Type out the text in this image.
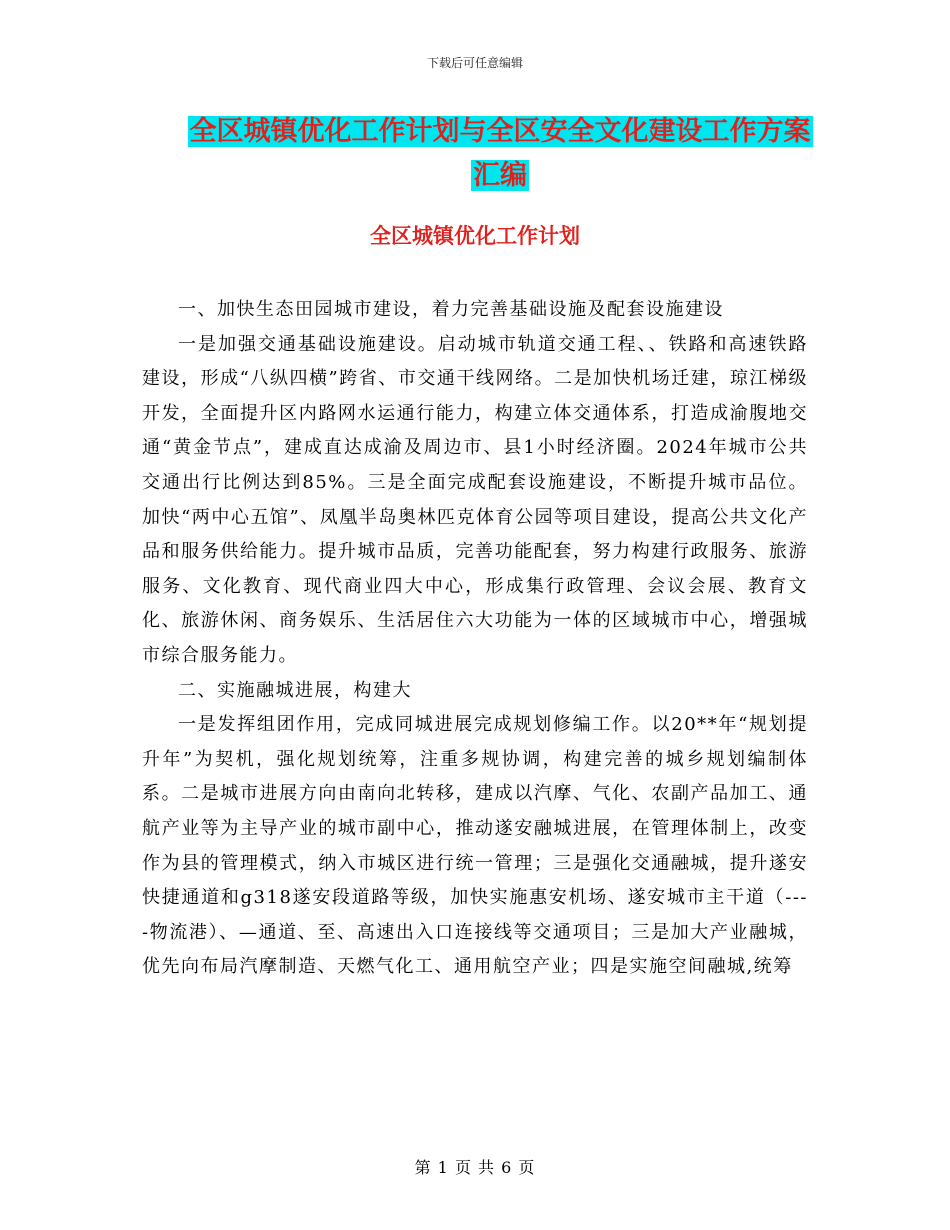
下载后可任意编辑
全区城镇优化工作计划与全区安全文化建设工作方案
汇编
全区城镇优化工作计划

一、加快生态田园城市建设，着力完善基础设施及配套设施建设

一是加强交通基础设施建设。启动城市轨道交通工程、、铁路和高速铁路建设，形成“八纵四横”跨省、市交通干线网络。二是加快机场迁建，琼江梯级开发，全面提升区内路网水运通行能力，构建立体交通体系，打造成渝腹地交通“黄金节点”，建成直达成渝及周边市、县1小时经济圈。2024年城市公共交通出行比例达到85%。三是全面完成配套设施建设，不断提升城市品位。加快“两中心五馆”、凤凰半岛奥林匹克体育公园等项目建设，提高公共文化产品和服务供给能力。提升城市品质，完善功能配套，努力构建行政服务、旅游服务、文化教育、现代商业四大中心，形成集行政管理、会议会展、教育文化、旅游休闲、商务娱乐、生活居住六大功能为一体的区域城市中心，增强城市综合服务能力。

二、实施融城进展，构建大

一是发挥组团作用，完成同城进展完成规划修编工作。以20**年“规划提升年”为契机，强化规划统筹，注重多规协调，构建完善的城乡规划编制体系。二是城市进展方向由南向北转移，建成以汽摩、气化、农副产品加工、通航产业等为主导产业的城市副中心，推动遂安融城进展，在管理体制上，改变作为县的管理模式，纳入市城区进行统一管理；三是强化交通融城，提升遂安快捷通道和g318遂安段道路等级，加快实施惠安机场、遂安城市主干道（----物流港）、—通道、至、高速出入口连接线等交通项目；三是加大产业融城，优先向布局汽摩制造、天燃气化工、通用航空产业；四是实施空间融城,统筹

第 1 页 共 6 页
